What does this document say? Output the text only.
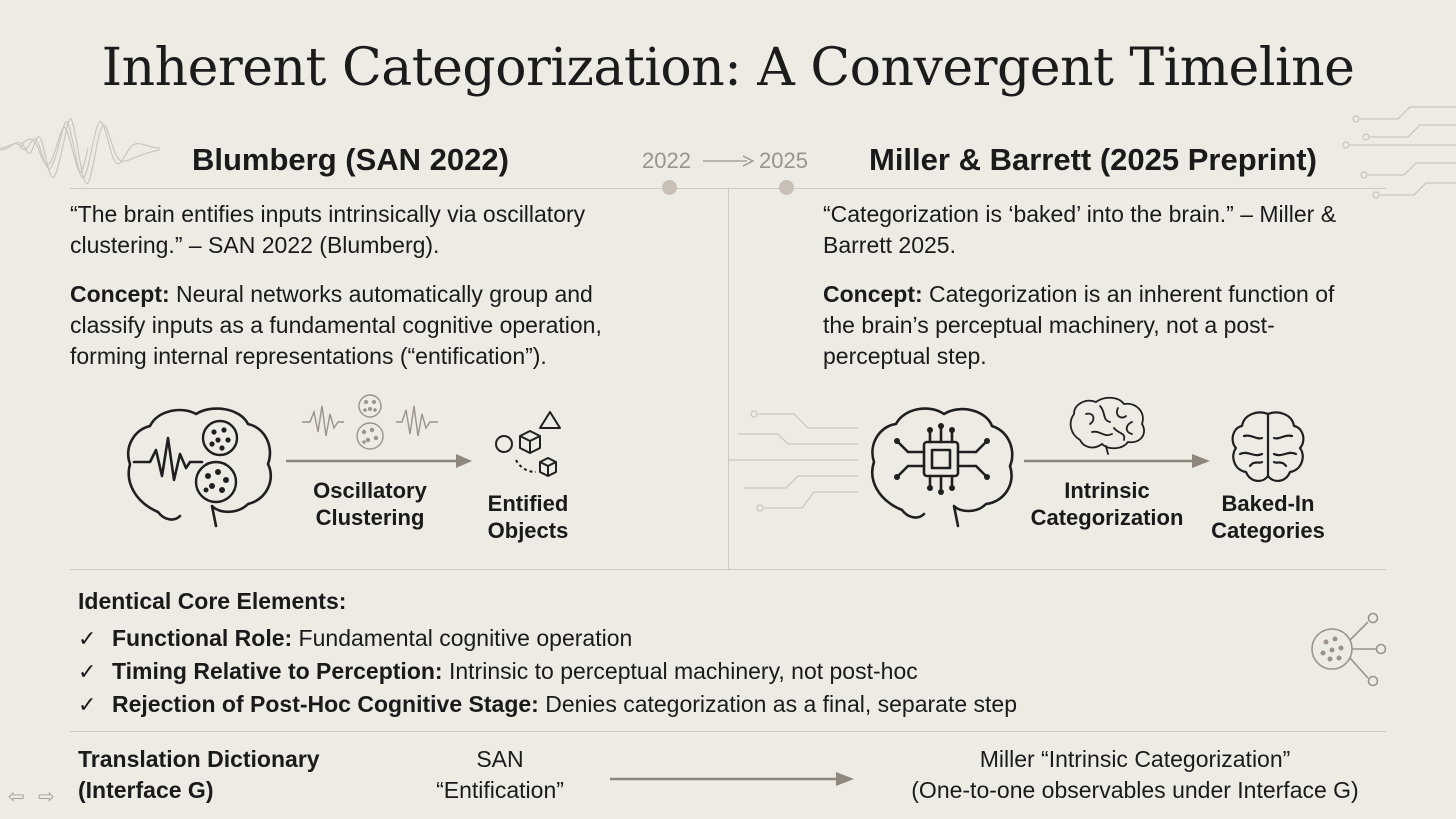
Inherent Categorization: A Convergent Timeline
Blumberg (SAN 2022)	Miller & Barrett (2025 Preprint)
2022	2025
“The brain entifies inputs intrinsically via oscillatory
clustering.” – SAN 2022 (Blumberg).
Concept: Neural networks automatically group and
classify inputs as a fundamental cognitive operation,
forming internal representations (“entification”).
“Categorization is ‘baked’ into the brain.” – Miller &
Barrett 2025.
Concept: Categorization is an inherent function of
the brain’s perceptual machinery, not a post-
perceptual step.
Oscillatory
Clustering
Entified
Objects
Intrinsic
Categorization
Baked-In
Categories
Identical Core Elements:
✓ Functional Role: Fundamental cognitive operation
✓ Timing Relative to Perception: Intrinsic to perceptual machinery, not post-hoc
✓ Rejection of Post-Hoc Cognitive Stage: Denies categorization as a final, separate step
Translation Dictionary
(Interface G)
SAN
“Entification”
Miller “Intrinsic Categorization”
(One-to-one observables under Interface G)
⇦ ⇨
